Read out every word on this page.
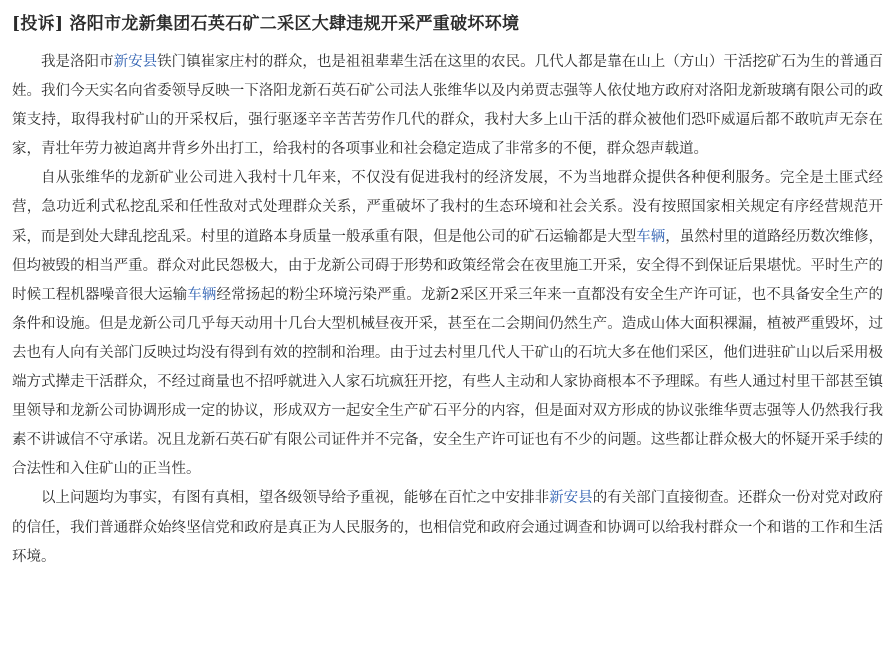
[投诉] 洛阳市龙新集团石英石矿二采区大肆违规开采严重破坏环境

我是洛阳市新安县铁门镇崔家庄村的群众，也是祖祖辈辈生活在这里的农民。几代人都是靠在山上（方山）干活挖矿石为生的普通百姓。我们今天实名向省委领导反映一下洛阳龙新石英石矿公司法人张维华以及内弟贾志强等人依仗地方政府对洛阳龙新玻璃有限公司的政策支持，取得我村矿山的开采权后，强行驱逐辛辛苦苦劳作几代的群众，我村大多上山干活的群众被他们恐吓威逼后都不敢吭声无奈在家，青壮年劳力被迫离井背乡外出打工，给我村的各项事业和社会稳定造成了非常多的不便，群众怨声载道。

自从张维华的龙新矿业公司进入我村十几年来，不仅没有促进我村的经济发展，不为当地群众提供各种便利服务。完全是土匪式经营，急功近利式私挖乱采和任性敌对式处理群众关系，严重破坏了我村的生态环境和社会关系。没有按照国家相关规定有序经营规范开采，而是到处大肆乱挖乱采。村里的道路本身质量一般承重有限，但是他公司的矿石运输都是大型车辆，虽然村里的道路经历数次维修，但均被毁的相当严重。群众对此民怨极大，由于龙新公司碍于形势和政策经常会在夜里施工开采，安全得不到保证后果堪忧。平时生产的时候工程机器噪音很大运输车辆经常扬起的粉尘环境污染严重。龙新2采区开采三年来一直都没有安全生产许可证，也不具备安全生产的条件和设施。但是龙新公司几乎每天动用十几台大型机械昼夜开采，甚至在二会期间仍然生产。造成山体大面积裸漏，植被严重毁坏，过去也有人向有关部门反映过均没有得到有效的控制和治理。由于过去村里几代人干矿山的石坑大多在他们采区，他们进驻矿山以后采用极端方式撵走干活群众，不经过商量也不招呼就进入人家石坑疯狂开挖，有些人主动和人家协商根本不予理睬。有些人通过村里干部甚至镇里领导和龙新公司协调形成一定的协议，形成双方一起安全生产矿石平分的内容，但是面对双方形成的协议张维华贾志强等人仍然我行我素不讲诚信不守承诺。况且龙新石英石矿有限公司证件并不完备，安全生产许可证也有不少的问题。这些都让群众极大的怀疑开采手续的合法性和入住矿山的正当性。

以上问题均为事实，有图有真相，望各级领导给予重视，能够在百忙之中安排非新安县的有关部门直接彻查。还群众一份对党对政府的信任，我们普通群众始终坚信党和政府是真正为人民服务的，也相信党和政府会通过调查和协调可以给我村群众一个和谐的工作和生活环境。
